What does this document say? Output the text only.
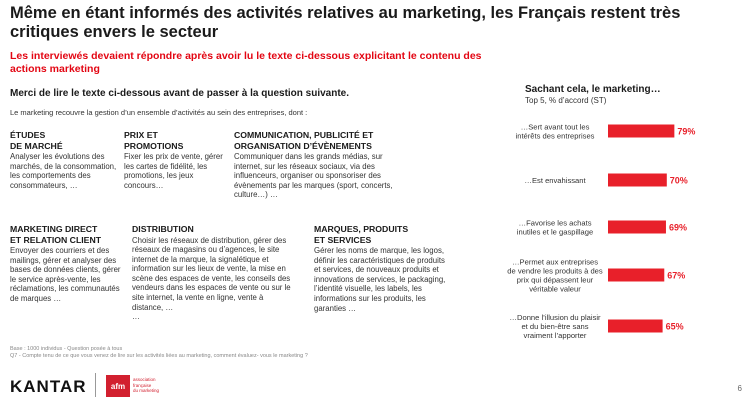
Même en étant informés des activités relatives au marketing, les Français restent très critiques envers le secteur
Les interviewés devaient répondre après avoir lu le texte ci-dessous explicitant le contenu des actions marketing
Merci de lire le texte ci-dessous avant de passer à la question suivante.
Le marketing recouvre la gestion d’un ensemble d’activités au sein des entreprises, dont :
ÉTUDES
DE MARCHÉ
Analyser les évolutions des marchés, de la consommation, les comportements des consommateurs, …
PRIX ET
PROMOTIONS
Fixer les prix de vente, gérer les cartes de fidélité, les promotions, les jeux concours…
COMMUNICATION, PUBLICITÉ ET
ORGANISATION D’ÉVÈNEMENTS
Communiquer dans les grands médias, sur internet, sur les réseaux sociaux, via des influenceurs, organiser ou sponsoriser des évènements par les marques (sport, concerts, culture…) …
MARKETING DIRECT
ET RELATION CLIENT
Envoyer des courriers et des mailings, gérer et analyser des bases de données clients, gérer le service après-vente, les réclamations, les communautés de marques …
DISTRIBUTION
Choisir les réseaux de distribution, gérer des réseaux de magasins ou d’agences, le site internet de la marque, la signalétique et information sur les lieux de vente, la mise en scène des espaces de vente, les conseils des vendeurs dans les espaces de vente ou sur le site internet, la vente en ligne, vente à distance, …
…
MARQUES, PRODUITS
ET SERVICES
Gérer les noms de marque, les logos, définir les caractéristiques de produits et services, de nouveaux produits et innovations de services, le packaging, l’identité visuelle, les labels, les informations sur les produits, les garanties …
Sachant cela, le marketing…
Top 5, % d’accord (ST)
…Sert avant tout les intérêts des entreprises	79%
…Est envahissant	70%
…Favorise les achats inutiles et le gaspillage	69%
…Permet aux entreprises de vendre les produits à des prix qui dépassent leur véritable valeur
67%
…Donne l’illusion du plaisir et du bien-être sans vraiment l’apporter
65%
Base : 1000 individus - Question posée à tous
Q7 - Compte tenu de ce que vous venez de lire sur les activités liées au marketing, comment évaluez- vous le marketing ?
KANTAR	afm
association
française
du marketing	6
